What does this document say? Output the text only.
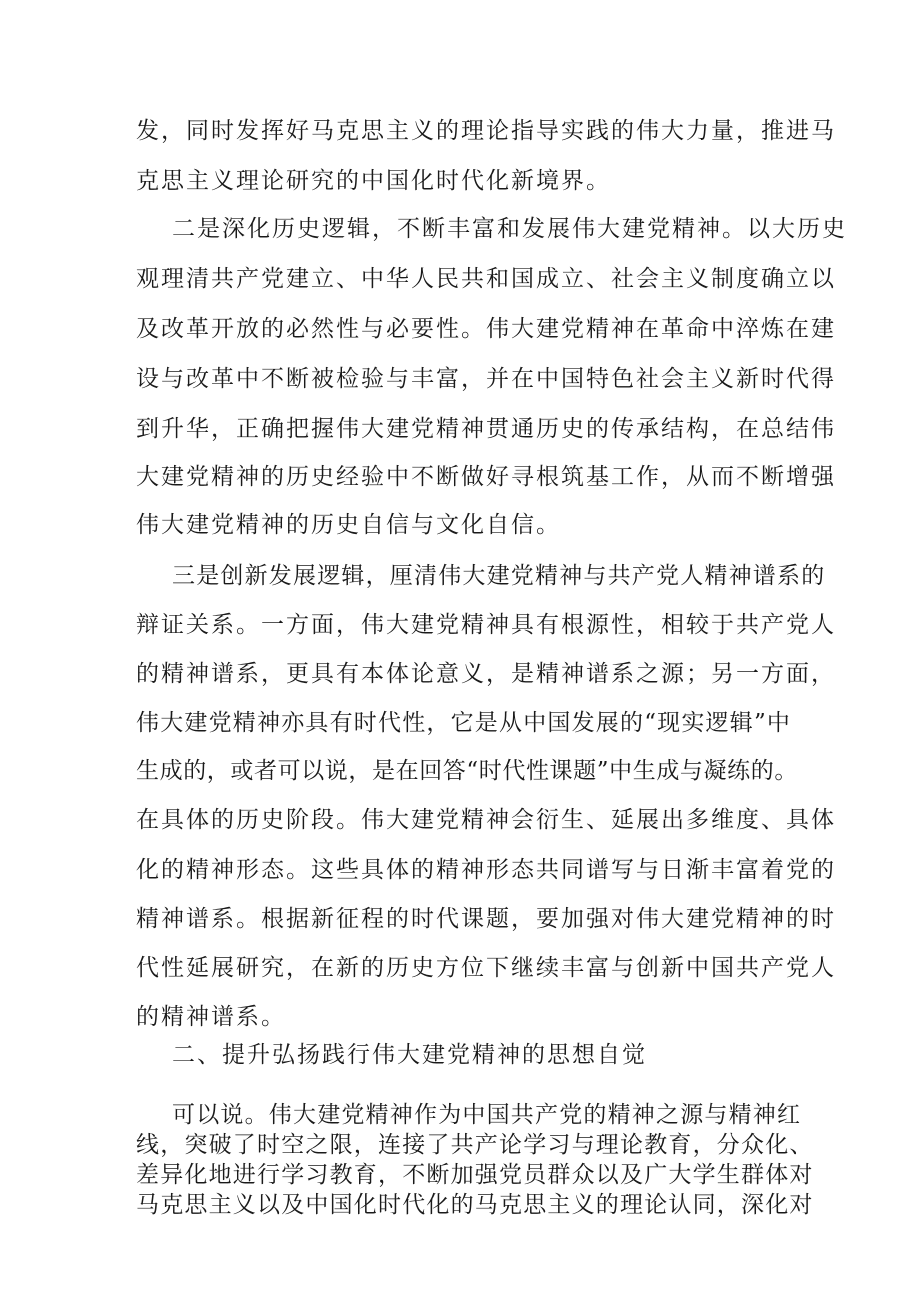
发，同时发挥好马克思主义的理论指导实践的伟大力量，推进马
克思主义理论研究的中国化时代化新境界。
二是深化历史逻辑，不断丰富和发展伟大建党精神。以大历史
观理清共产党建立、中华人民共和国成立、社会主义制度确立以
及改革开放的必然性与必要性。伟大建党精神在革命中淬炼在建
设与改革中不断被检验与丰富，并在中国特色社会主义新时代得
到升华，正确把握伟大建党精神贯通历史的传承结构，在总结伟
大建党精神的历史经验中不断做好寻根筑基工作，从而不断增强
伟大建党精神的历史自信与文化自信。
三是创新发展逻辑，厘清伟大建党精神与共产党人精神谱系的
辩证关系。一方面，伟大建党精神具有根源性，相较于共产党人
的精神谱系，更具有本体论意义，是精神谱系之源；另一方面，
伟大建党精神亦具有时代性，它是从中国发展的“现实逻辑”中
生成的，或者可以说，是在回答“时代性课题”中生成与凝练的。
在具体的历史阶段。伟大建党精神会衍生、延展出多维度、具体
化的精神形态。这些具体的精神形态共同谱写与日渐丰富着党的
精神谱系。根据新征程的时代课题，要加强对伟大建党精神的时
代性延展研究，在新的历史方位下继续丰富与创新中国共产党人
的精神谱系。
二、提升弘扬践行伟大建党精神的思想自觉
可以说。伟大建党精神作为中国共产党的精神之源与精神红
线，突破了时空之限，连接了共产论学习与理论教育，分众化、
差异化地进行学习教育，不断加强党员群众以及广大学生群体对
马克思主义以及中国化时代化的马克思主义的理论认同，深化对
